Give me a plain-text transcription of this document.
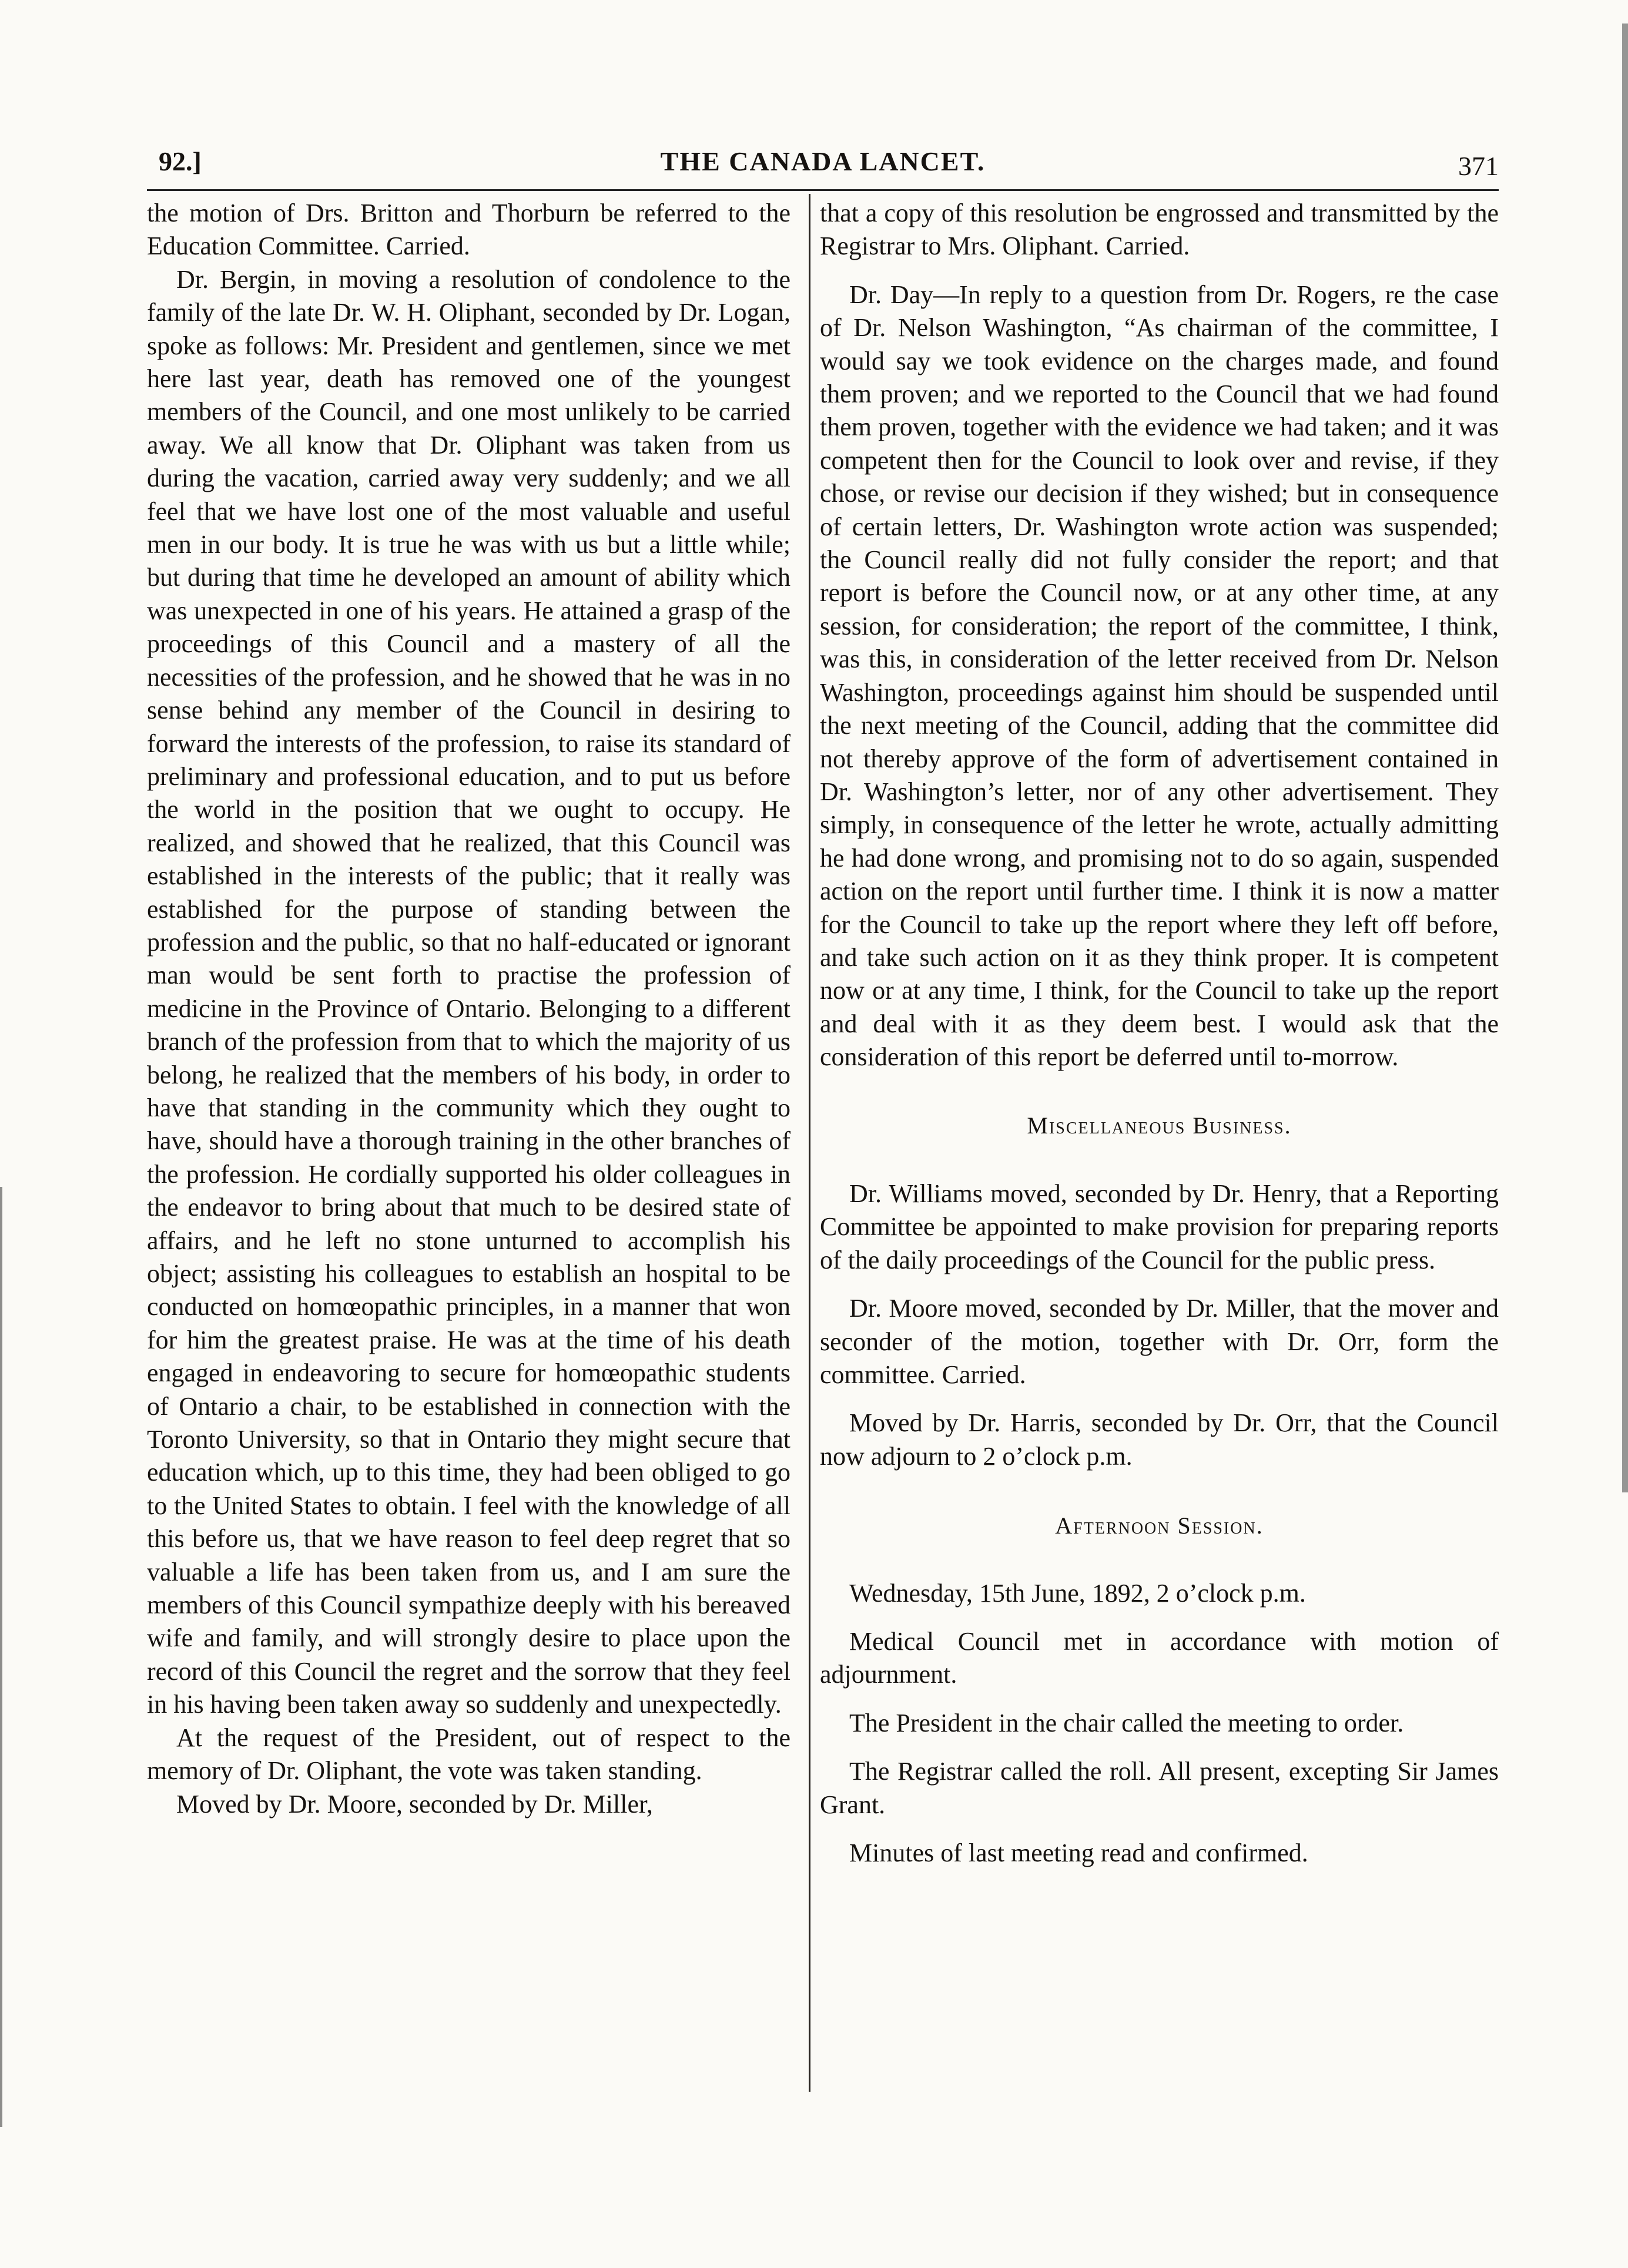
92.]	THE CANADA LANCET.	371

the motion of Drs. Britton and Thorburn be referred to the Education Committee. Carried.

Dr. Bergin, in moving a resolution of condolence to the family of the late Dr. W. H. Oliphant, seconded by Dr. Logan, spoke as follows: Mr. President and gentlemen, since we met here last year, death has removed one of the youngest members of the Council, and one most unlikely to be carried away. We all know that Dr. Oliphant was taken from us during the vacation, carried away very suddenly; and we all feel that we have lost one of the most valuable and useful men in our body. It is true he was with us but a little while; but during that time he developed an amount of ability which was unexpected in one of his years. He attained a grasp of the proceedings of this Council and a mastery of all the necessities of the profession, and he showed that he was in no sense behind any member of the Council in desiring to forward the interests of the profession, to raise its standard of preliminary and professional education, and to put us before the world in the position that we ought to occupy. He realized, and showed that he realized, that this Council was established in the interests of the public; that it really was established for the purpose of standing between the profession and the public, so that no half-educated or ignorant man would be sent forth to practise the profession of medicine in the Province of Ontario. Belonging to a different branch of the profession from that to which the majority of us belong, he realized that the members of his body, in order to have that standing in the community which they ought to have, should have a thorough training in the other branches of the profession. He cordially supported his older colleagues in the endeavor to bring about that much to be desired state of affairs, and he left no stone unturned to accomplish his object; assisting his colleagues to establish an hospital to be conducted on homœopathic principles, in a manner that won for him the greatest praise. He was at the time of his death engaged in endeavoring to secure for homœopathic students of Ontario a chair, to be established in connection with the Toronto University, so that in Ontario they might secure that education which, up to this time, they had been obliged to go to the United States to obtain. I feel with the knowledge of all this before us, that we have reason to feel deep regret that so valuable a life has been taken from us, and I am sure the members of this Council sympathize deeply with his bereaved wife and family, and will strongly desire to place upon the record of this Council the regret and the sorrow that they feel in his having been taken away so suddenly and unexpectedly.

At the request of the President, out of respect to the memory of Dr. Oliphant, the vote was taken standing.

Moved by Dr. Moore, seconded by Dr. Miller,

that a copy of this resolution be engrossed and transmitted by the Registrar to Mrs. Oliphant. Carried.

Dr. Day—In reply to a question from Dr. Rogers, re the case of Dr. Nelson Washington, “As chairman of the committee, I would say we took evidence on the charges made, and found them proven; and we reported to the Council that we had found them proven, together with the evidence we had taken; and it was competent then for the Council to look over and revise, if they chose, or revise our decision if they wished; but in consequence of certain letters, Dr. Washington wrote action was suspended; the Council really did not fully consider the report; and that report is before the Council now, or at any other time, at any session, for consideration; the report of the committee, I think, was this, in consideration of the letter received from Dr. Nelson Washington, proceedings against him should be suspended until the next meeting of the Council, adding that the committee did not thereby approve of the form of advertisement contained in Dr. Washington’s letter, nor of any other advertisement. They simply, in consequence of the letter he wrote, actually admitting he had done wrong, and promising not to do so again, suspended action on the report until further time. I think it is now a matter for the Council to take up the report where they left off before, and take such action on it as they think proper. It is competent now or at any time, I think, for the Council to take up the report and deal with it as they deem best. I would ask that the consideration of this report be deferred until to-morrow.

Miscellaneous Business.

Dr. Williams moved, seconded by Dr. Henry, that a Reporting Committee be appointed to make provision for preparing reports of the daily proceedings of the Council for the public press.

Dr. Moore moved, seconded by Dr. Miller, that the mover and seconder of the motion, together with Dr. Orr, form the committee. Carried.

Moved by Dr. Harris, seconded by Dr. Orr, that the Council now adjourn to 2 o’clock p.m.

Afternoon Session.

Wednesday, 15th June, 1892, 2 o’clock p.m.

Medical Council met in accordance with motion of adjournment.

The President in the chair called the meeting to order.

The Registrar called the roll. All present, excepting Sir James Grant.

Minutes of last meeting read and confirmed.
